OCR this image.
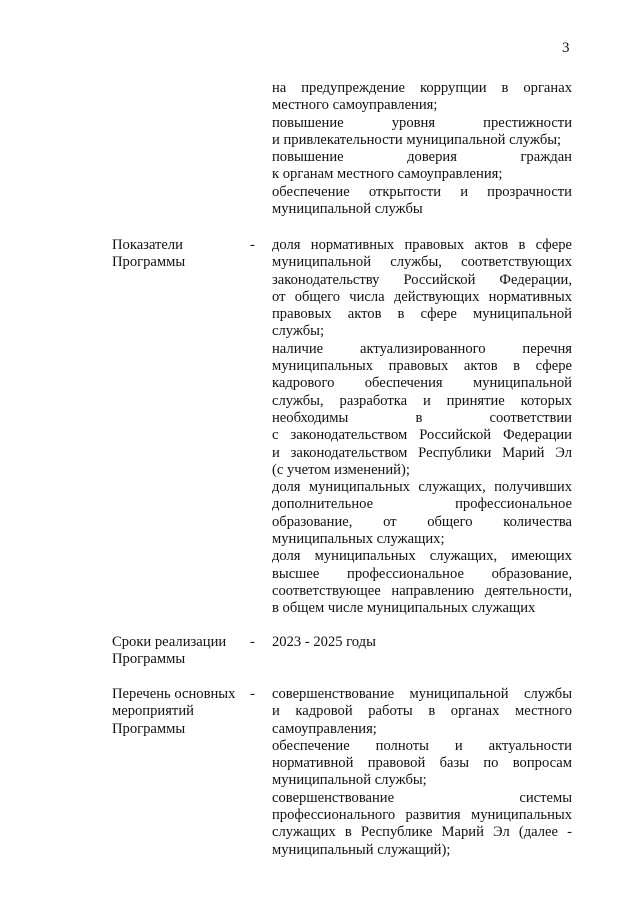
3
на предупреждение коррупции в органах
местного самоуправления;
повышение уровня престижности
и привлекательности муниципальной службы;
повышение доверия граждан
к органам местного самоуправления;
обеспечение открытости и прозрачности
муниципальной службы
Показатели Программы
- доля нормативных правовых актов в сфере
муниципальной службы, соответствующих
законодательству Российской Федерации,
от общего числа действующих нормативных
правовых актов в сфере муниципальной
службы;
наличие актуализированного перечня
муниципальных правовых актов в сфере
кадрового обеспечения муниципальной
службы, разработка и принятие которых
необходимы в соответствии
с законодательством Российской Федерации
и законодательством Республики Марий Эл
(с учетом изменений);
доля муниципальных служащих, получивших
дополнительное профессиональное
образование, от общего количества
муниципальных служащих;
доля муниципальных служащих, имеющих
высшее профессиональное образование,
соответствующее направлению деятельности,
в общем числе муниципальных служащих
Сроки реализации Программы
- 2023 - 2025 годы
Перечень основных мероприятий Программы
- совершенствование муниципальной службы
и кадровой работы в органах местного
самоуправления;
обеспечение полноты и актуальности
нормативной правовой базы по вопросам
муниципальной службы;
совершенствование системы
профессионального развития муниципальных
служащих в Республике Марий Эл (далее -
муниципальный служащий);
